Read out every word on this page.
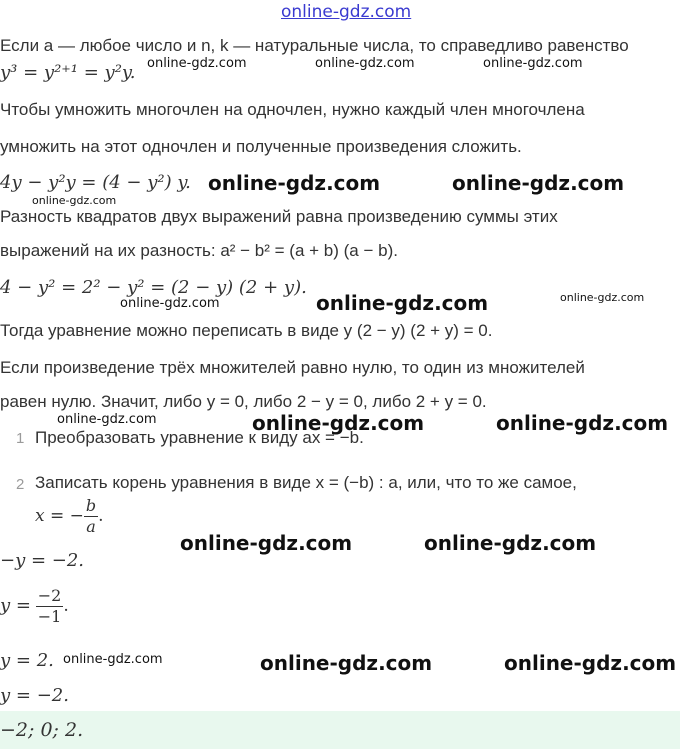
online-gdz.com
Если a — любое число и n, k — натуральные числа, то справедливо равенство
y³ = y²⁺¹ = y²y.
Чтобы умножить многочлен на одночлен, нужно каждый член многочлена
умножить на этот одночлен и полученные произведения сложить.
4y − y²y = (4 − y²) y.
Разность квадратов двух выражений равна произведению суммы этих
выражений на их разность: a² − b² = (a + b) (a − b).
4 − y² = 2² − y² = (2 − y) (2 + y).
Тогда уравнение можно переписать в виде y (2 − y) (2 + y) = 0.
Если произведение трёх множителей равно нулю, то один из множителей
равен нулю. Значит, либо y = 0, либо 2 − y = 0, либо 2 + y = 0.
1 Преобразовать уравнение к виду ax = −b.
2 Записать корень уравнения в виде x = (−b) : a, или, что то же самое,
x = − $\frac{b}{a}$ .
−y = −2.
$y = \frac{-2}{-1}$ .
y = 2.
y = −2.
−2; 0; 2.
online-gdz.com	online-gdz.com	online-gdz.com
online-gdz.com	online-gdz.com
online-gdz.com
online-gdz.com	online-gdz.com	online-gdz.com
online-gdz.com	online-gdz.com	online-gdz.com
online-gdz.com	online-gdz.com
online-gdz.com	online-gdz.com	online-gdz.com
